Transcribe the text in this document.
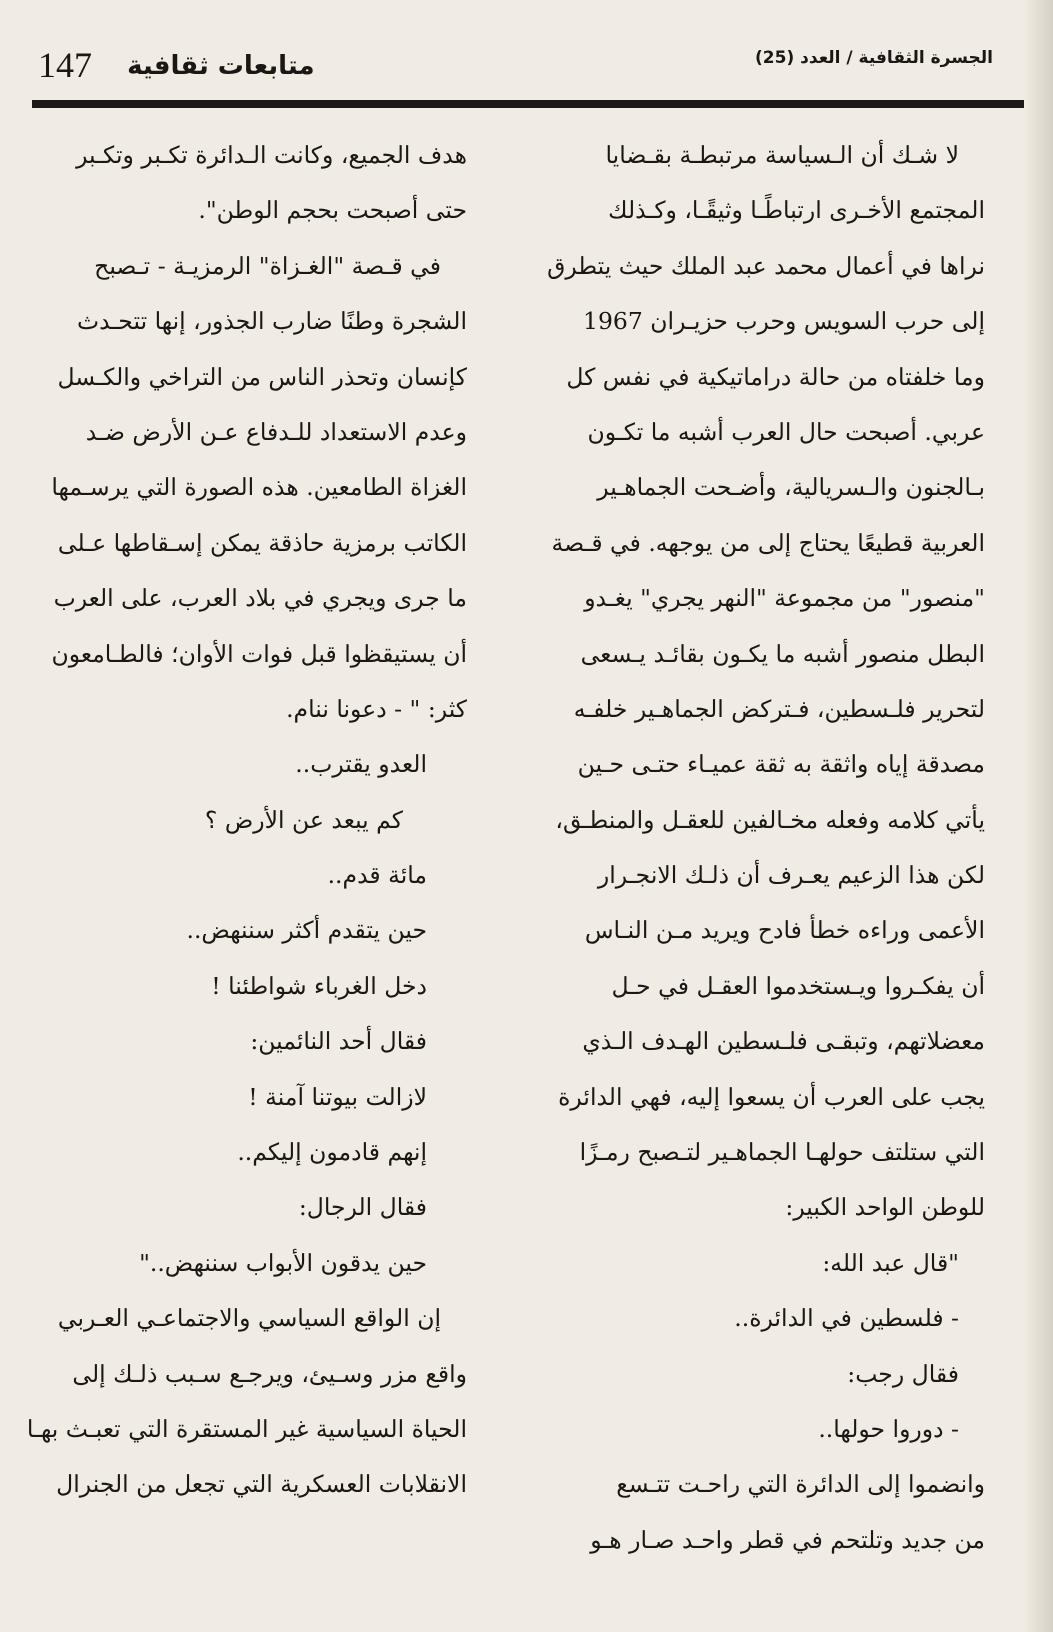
147 متابعات ثقافية	الجسرة الثقافية / العدد (25)
لا شـك أن الـسياسة مرتبطـة بقـضايا
المجتمع الأخـرى ارتباطًـا وثيقًـا، وكـذلك
نراها في أعمال محمد عبد الملك حيث يتطرق
إلى حرب السويس وحرب حزيـران 1967
وما خلفتاه من حالة دراماتيكية في نفس كل
عربي. أصبحت حال العرب أشبه ما تكـون
بـالجنون والـسريالية، وأضـحت الجماهـير
العربية قطيعًا يحتاج إلى من يوجهه. في قـصة
"منصور" من مجموعة "النهر يجري" يغـدو
البطل منصور أشبه ما يكـون بقائـد يـسعى
لتحرير فلـسطين، فـتركض الجماهـير خلفـه
مصدقة إياه واثقة به ثقة عميـاء حتـى حـين
يأتي كلامه وفعله مخـالفين للعقـل والمنطـق،
لكن هذا الزعيم يعـرف أن ذلـك الانجـرار
الأعمى وراءه خطأ فادح ويريد مـن النـاس
أن يفكـروا ويـستخدموا العقـل في حـل
معضلاتهم، وتبقـى فلـسطين الهـدف الـذي
يجب على العرب أن يسعوا إليه، فهي الدائرة
التي ستلتف حولهـا الجماهـير لتـصبح رمـزًا
للوطن الواحد الكبير:
"قال عبد الله:
- فلسطين في الدائرة..
فقال رجب:
- دوروا حولها..
وانضموا إلى الدائرة التي راحـت تتـسع
من جديد وتلتحم في قطر واحـد صـار هـو
هدف الجميع، وكانت الـدائرة تكـبر وتكـبر
حتى أصبحت بحجم الوطن".
في قـصة "الغـزاة" الرمزيـة - تـصبح
الشجرة وطنًا ضارب الجذور، إنها تتحـدث
كإنسان وتحذر الناس من التراخي والكـسل
وعدم الاستعداد للـدفاع عـن الأرض ضـد
الغزاة الطامعين. هذه الصورة التي يرسـمها
الكاتب برمزية حاذقة يمكن إسـقاطها عـلى
ما جرى ويجري في بلاد العرب، على العرب
أن يستيقظوا قبل فوات الأوان؛ فالطـامعون
كثر: " - دعونا ننام.
العدو يقترب..
كم يبعد عن الأرض ؟
مائة قدم..
حين يتقدم أكثر سننهض..
دخل الغرباء شواطئنا !
فقال أحد النائمين:
لازالت بيوتنا آمنة !
إنهم قادمون إليكم..
فقال الرجال:
حين يدقون الأبواب سننهض.."
إن الواقع السياسي والاجتماعـي العـربي
واقع مزر وسـيئ، ويرجـع سـبب ذلـك إلى
الحياة السياسية غير المستقرة التي تعبـث بهـا
الانقلابات العسكرية التي تجعل من الجنرال
